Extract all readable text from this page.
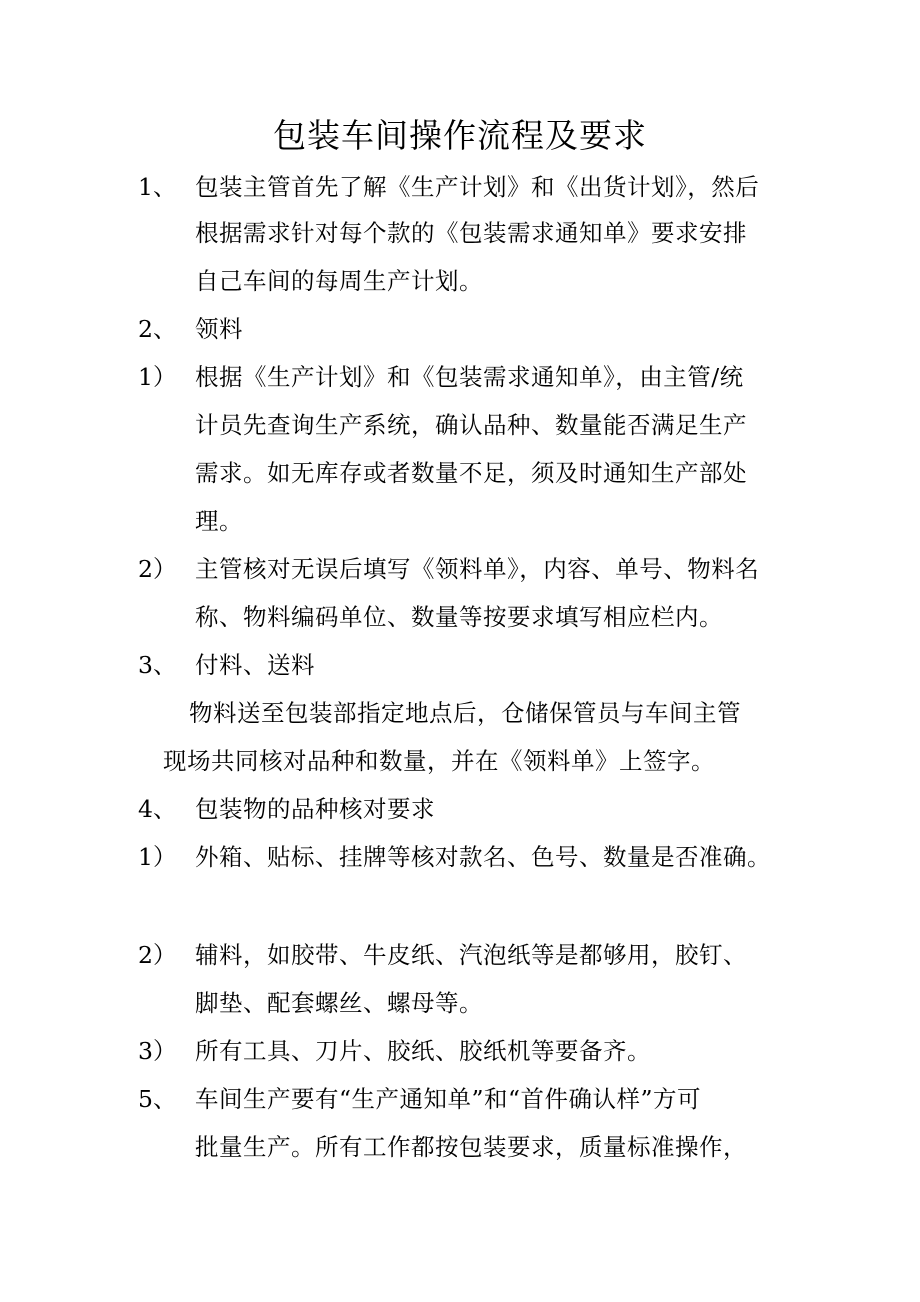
包装车间操作流程及要求
1、 包装主管首先了解《生产计划》和《出货计划》，然后
根据需求针对每个款的《包装需求通知单》要求安排
自己车间的每周生产计划。
2、 领料
1） 根据《生产计划》和《包装需求通知单》，由主管/统
计员先查询生产系统，确认品种、数量能否满足生产
需求。如无库存或者数量不足，须及时通知生产部处
理。
2） 主管核对无误后填写《领料单》，内容、单号、物料名
称、物料编码单位、数量等按要求填写相应栏内。
3、 付料、送料
物料送至包装部指定地点后，仓储保管员与车间主管
现场共同核对品种和数量，并在《领料单》上签字。
4、 包装物的品种核对要求
1） 外箱、贴标、挂牌等核对款名、色号、数量是否准确。
2） 辅料，如胶带、牛皮纸、汽泡纸等是都够用，胶钉、
脚垫、配套螺丝、螺母等。
3） 所有工具、刀片、胶纸、胶纸机等要备齐。
5、 车间生产要有“生产通知单”和“首件确认样”方可
批量生产。所有工作都按包装要求，质量标准操作，
